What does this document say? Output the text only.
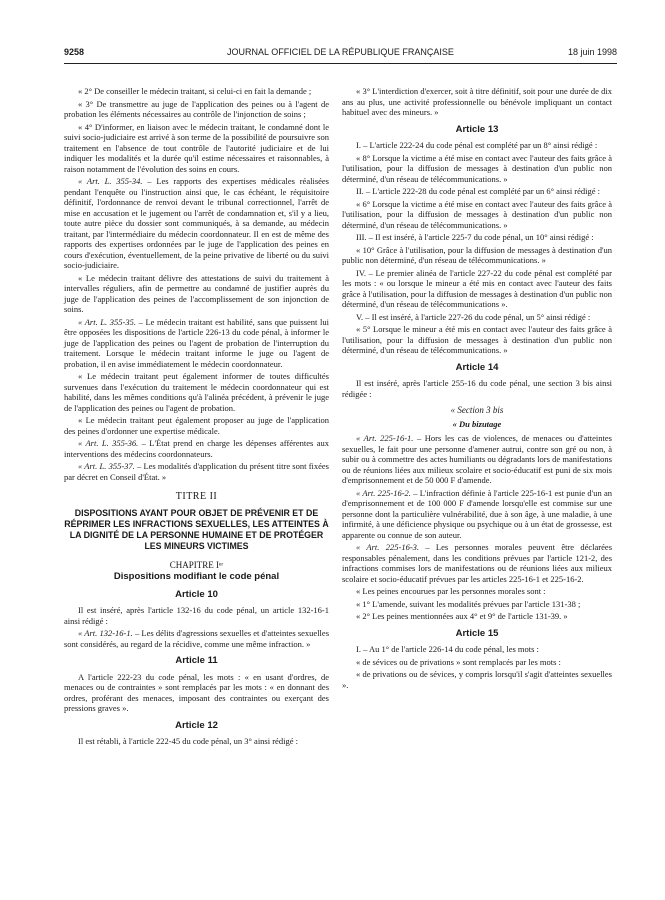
9258	JOURNAL OFFICIEL DE LA RÉPUBLIQUE FRANÇAISE	18 juin 1998

« 2° De conseiller le médecin traitant, si celui-ci en fait la demande ;

« 3° De transmettre au juge de l'application des peines ou à l'agent de probation les éléments nécessaires au contrôle de l'injonction de soins ;

« 4° D'informer, en liaison avec le médecin traitant, le condamné dont le suivi socio-judiciaire est arrivé à son terme de la possibilité de poursuivre son traitement en l'absence de tout contrôle de l'autorité judiciaire et de lui indiquer les modalités et la durée qu'il estime nécessaires et raisonnables, à raison notamment de l'évolution des soins en cours.

« Art. L. 355-34. – Les rapports des expertises médicales réalisées pendant l'enquête ou l'instruction ainsi que, le cas échéant, le réquisitoire définitif, l'ordonnance de renvoi devant le tribunal correctionnel, l'arrêt de mise en accusation et le jugement ou l'arrêt de condamnation et, s'il y a lieu, toute autre pièce du dossier sont communiqués, à sa demande, au médecin traitant, par l'intermédiaire du médecin coordonnateur. Il en est de même des rapports des expertises ordonnées par le juge de l'application des peines en cours d'exécution, éventuellement, de la peine privative de liberté ou du suivi socio-judiciaire.

« Le médecin traitant délivre des attestations de suivi du traitement à intervalles réguliers, afin de permettre au condamné de justifier auprès du juge de l'application des peines de l'accomplissement de son injonction de soins.

« Art. L. 355-35. – Le médecin traitant est habilité, sans que puissent lui être opposées les dispositions de l'article 226-13 du code pénal, à informer le juge de l'application des peines ou l'agent de probation de l'interruption du traitement. Lorsque le médecin traitant informe le juge ou l'agent de probation, il en avise immédiatement le médecin coordonnateur.

« Le médecin traitant peut également informer de toutes difficultés survenues dans l'exécution du traitement le médecin coordonnateur qui est habilité, dans les mêmes conditions qu'à l'alinéa précédent, à prévenir le juge de l'application des peines ou l'agent de probation.

« Le médecin traitant peut également proposer au juge de l'application des peines d'ordonner une expertise médicale.

« Art. L. 355-36. – L'État prend en charge les dépenses afférentes aux interventions des médecins coordonnateurs.

« Art. L. 355-37. – Les modalités d'application du présent titre sont fixées par décret en Conseil d'État. »

TITRE II
DISPOSITIONS AYANT POUR OBJET DE PRÉVENIR ET DE RÉPRIMER LES INFRACTIONS SEXUELLES, LES ATTEINTES À LA DIGNITÉ DE LA PERSONNE HUMAINE ET DE PROTÉGER LES MINEURS VICTIMES
CHAPITRE Iᵉʳ
Dispositions modifiant le code pénal
Article 10

Il est inséré, après l'article 132-16 du code pénal, un article 132-16-1 ainsi rédigé :

« Art. 132-16-1. – Les délits d'agressions sexuelles et d'atteintes sexuelles sont considérés, au regard de la récidive, comme une même infraction. »

Article 11

A l'article 222-23 du code pénal, les mots : « en usant d'ordres, de menaces ou de contraintes » sont remplacés par les mots : « en donnant des ordres, proférant des menaces, imposant des contraintes ou exerçant des pressions graves ».

Article 12

Il est rétabli, à l'article 222-45 du code pénal, un 3° ainsi rédigé :

« 3° L'interdiction d'exercer, soit à titre définitif, soit pour une durée de dix ans au plus, une activité professionnelle ou bénévole impliquant un contact habituel avec des mineurs. »

Article 13

I. – L'article 222-24 du code pénal est complété par un 8° ainsi rédigé :

« 8° Lorsque la victime a été mise en contact avec l'auteur des faits grâce à l'utilisation, pour la diffusion de messages à destination d'un public non déterminé, d'un réseau de télécommunications. »

II. – L'article 222-28 du code pénal est complété par un 6° ainsi rédigé :

« 6° Lorsque la victime a été mise en contact avec l'auteur des faits grâce à l'utilisation, pour la diffusion de messages à destination d'un public non déterminé, d'un réseau de télécommunications. »

III. – Il est inséré, à l'article 225-7 du code pénal, un 10° ainsi rédigé :

« 10° Grâce à l'utilisation, pour la diffusion de messages à destination d'un public non déterminé, d'un réseau de télécommunications. »

IV. – Le premier alinéa de l'article 227-22 du code pénal est complété par les mots : « ou lorsque le mineur a été mis en contact avec l'auteur des faits grâce à l'utilisation, pour la diffusion de messages à destination d'un public non déterminé, d'un réseau de télécommunications ».

V. – Il est inséré, à l'article 227-26 du code pénal, un 5° ainsi rédigé :

« 5° Lorsque le mineur a été mis en contact avec l'auteur des faits grâce à l'utilisation, pour la diffusion de messages à destination d'un public non déterminé, d'un réseau de télécommunications. »

Article 14

Il est inséré, après l'article 255-16 du code pénal, une section 3 bis ainsi rédigée :

« Section 3 bis
« Du bizutage

« Art. 225-16-1. – Hors les cas de violences, de menaces ou d'atteintes sexuelles, le fait pour une personne d'amener autrui, contre son gré ou non, à subir ou à commettre des actes humiliants ou dégradants lors de manifestations ou de réunions liées aux milieux scolaire et socio-éducatif est puni de six mois d'emprisonnement et de 50 000 F d'amende.

« Art. 225-16-2. – L'infraction définie à l'article 225-16-1 est punie d'un an d'emprisonnement et de 100 000 F d'amende lorsqu'elle est commise sur une personne dont la particulière vulnérabilité, due à son âge, à une maladie, à une infirmité, à une déficience physique ou psychique ou à un état de grossesse, est apparente ou connue de son auteur.

« Art. 225-16-3. – Les personnes morales peuvent être déclarées responsables pénalement, dans les conditions prévues par l'article 121-2, des infractions commises lors de manifestations ou de réunions liées aux milieux scolaire et socio-éducatif prévues par les articles 225-16-1 et 225-16-2.

« Les peines encourues par les personnes morales sont :

« 1° L'amende, suivant les modalités prévues par l'article 131-38 ;

« 2° Les peines mentionnées aux 4° et 9° de l'article 131-39. »

Article 15

I. – Au 1° de l'article 226-14 du code pénal, les mots :

« de sévices ou de privations » sont remplacés par les mots :

« de privations ou de sévices, y compris lorsqu'il s'agit d'atteintes sexuelles ».
